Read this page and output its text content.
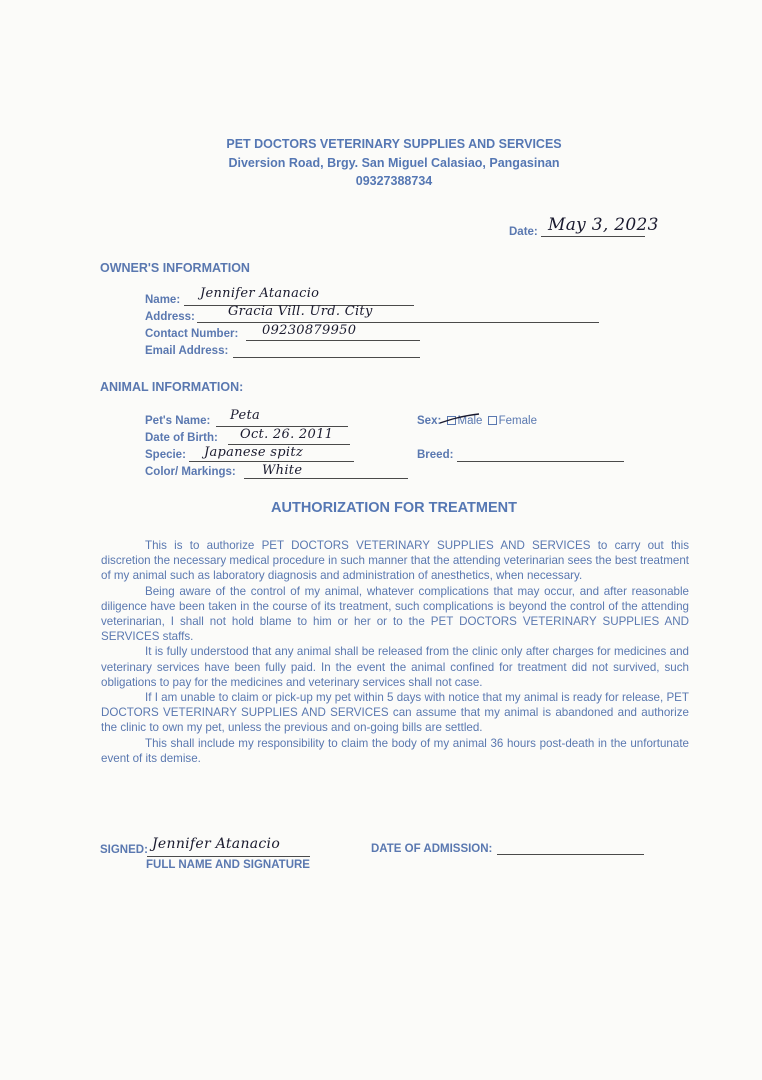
PET DOCTORS VETERINARY SUPPLIES AND SERVICES
Diversion Road, Brgy. San Miguel Calasiao, Pangasinan
09327388734
Date: May 3, 2023
OWNER'S INFORMATION
Name: Jennifer Atanacio
Address:	Gracia Vill. Urd. City
Contact Number: 09230879950
Email Address:
ANIMAL INFORMATION:
Pet's Name: Peta
Date of Birth: Oct. 26. 2011
Specie: Japanese spitz
Color/ Markings: White
Sex: Male Female
Breed:
AUTHORIZATION FOR TREATMENT

This is to authorize PET DOCTORS VETERINARY SUPPLIES AND SERVICES to carry out this discretion the necessary medical procedure in such manner that the attending veterinarian sees the best treatment of my animal such as laboratory diagnosis and administration of anesthetics, when necessary.

Being aware of the control of my animal, whatever complications that may occur, and after reasonable diligence have been taken in the course of its treatment, such complications is beyond the control of the attending veterinarian, I shall not hold blame to him or her or to the PET DOCTORS VETERINARY SUPPLIES AND SERVICES staffs.

It is fully understood that any animal shall be released from the clinic only after charges for medicines and veterinary services have been fully paid. In the event the animal confined for treatment did not survived, such obligations to pay for the medicines and veterinary services shall not case.

If I am unable to claim or pick-up my pet within 5 days with notice that my animal is ready for release, PET DOCTORS VETERINARY SUPPLIES AND SERVICES can assume that my animal is abandoned and authorize the clinic to own my pet, unless the previous and on-going bills are settled.

This shall include my responsibility to claim the body of my animal 36 hours post-death in the unfortunate event of its demise.

SIGNED: Jennifer Atanacio
FULL NAME AND SIGNATURE
DATE OF ADMISSION:
